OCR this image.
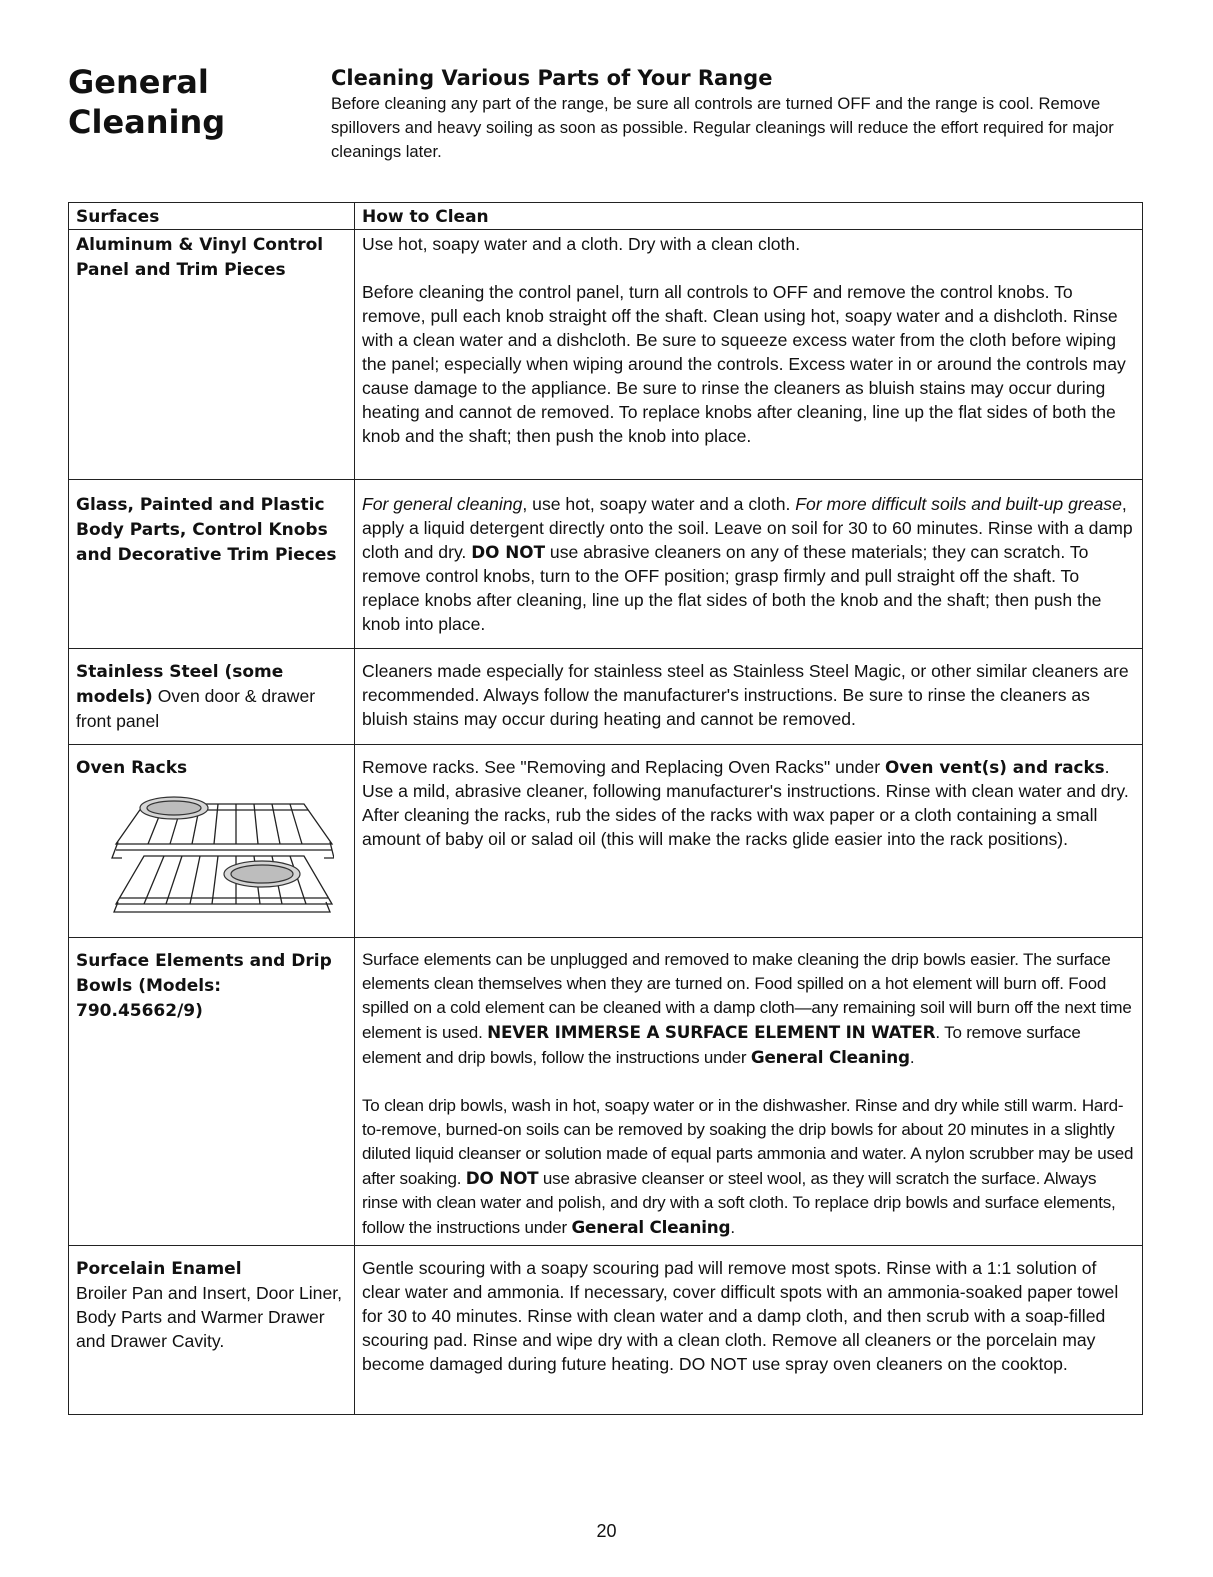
General
Cleaning
Cleaning Various Parts of Your Range

Before cleaning any part of the range, be sure all controls are turned OFF and the range is cool. Remove spillovers and heavy soiling as soon as possible. Regular cleanings will reduce the effort required for major cleanings later.

Surfaces	How to Clean
Aluminum & Vinyl Control Panel and Trim Pieces	Use hot, soapy water and a cloth. Dry with a clean cloth.

Before cleaning the control panel, turn all controls to OFF and remove the control knobs. To remove, pull each knob straight off the shaft. Clean using hot, soapy water and a dishcloth. Rinse with a clean water and a dishcloth. Be sure to squeeze excess water from the cloth before wiping the panel; especially when wiping around the controls. Excess water in or around the controls may cause damage to the appliance. Be sure to rinse the cleaners as bluish stains may occur during heating and cannot de removed. To replace knobs after cleaning, line up the flat sides of both the knob and the shaft; then push the knob into place.

Glass, Painted and Plastic Body Parts, Control Knobs and Decorative Trim Pieces	For general cleaning, use hot, soapy water and a cloth. For more difficult soils and built-up grease, apply a liquid detergent directly onto the soil. Leave on soil for 30 to 60 minutes. Rinse with a damp cloth and dry. DO NOT use abrasive cleaners on any of these materials; they can scratch. To remove control knobs, turn to the OFF position; grasp firmly and pull straight off the shaft. To replace knobs after cleaning, line up the flat sides of both the knob and the shaft; then push the knob into place.

Stainless Steel (some models) Oven door & drawer front panel	Cleaners made especially for stainless steel as Stainless Steel Magic, or other similar cleaners are recommended. Always follow the manufacturer's instructions. Be sure to rinse the cleaners as bluish stains may occur during heating and cannot be removed.

Oven Racks	Remove racks. See "Removing and Replacing Oven Racks" under Oven vent(s) and racks. Use a mild, abrasive cleaner, following manufacturer's instructions. Rinse with clean water and dry. After cleaning the racks, rub the sides of the racks with wax paper or a cloth containing a small amount of baby oil or salad oil (this will make the racks glide easier into the rack positions).

Surface Elements and Drip Bowls (Models: 790.45662/9)	Surface elements can be unplugged and removed to make cleaning the drip bowls easier. The surface elements clean themselves when they are turned on. Food spilled on a hot element will burn off. Food spilled on a cold element can be cleaned with a damp cloth—any remaining soil will burn off the next time element is used. NEVER IMMERSE A SURFACE ELEMENT IN WATER. To remove surface element and drip bowls, follow the instructions under General Cleaning.

To clean drip bowls, wash in hot, soapy water or in the dishwasher. Rinse and dry while still warm. Hard-to-remove, burned-on soils can be removed by soaking the drip bowls for about 20 minutes in a slightly diluted liquid cleanser or solution made of equal parts ammonia and water. A nylon scrubber may be used after soaking. DO NOT use abrasive cleanser or steel wool, as they will scratch the surface. Always rinse with clean water and polish, and dry with a soft cloth. To replace drip bowls and surface elements, follow the instructions under General Cleaning.

Porcelain Enamel
Broiler Pan and Insert, Door Liner, Body Parts and Warmer Drawer and Drawer Cavity.	Gentle scouring with a soapy scouring pad will remove most spots. Rinse with a 1:1 solution of clear water and ammonia. If necessary, cover difficult spots with an ammonia-soaked paper towel for 30 to 40 minutes. Rinse with clean water and a damp cloth, and then scrub with a soap-filled scouring pad. Rinse and wipe dry with a clean cloth. Remove all cleaners or the porcelain may become damaged during future heating. DO NOT use spray oven cleaners on the cooktop.

20
